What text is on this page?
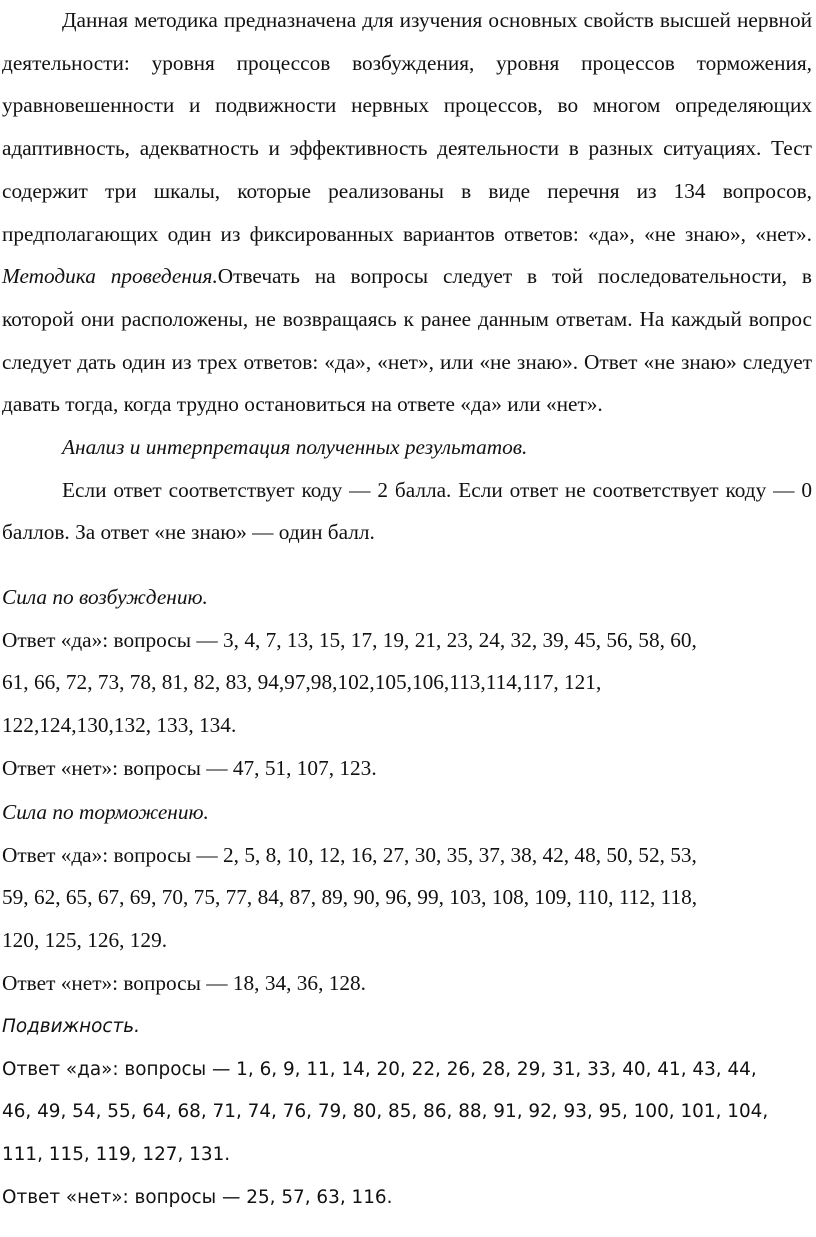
Данная методика предназначена для изучения основных свойств высшей нервной деятельности: уровня процессов возбуждения, уровня процессов торможения, уравновешенности и подвижности нервных процессов, во многом определяющих адаптивность, адекватность и эффективность деятельности в разных ситуациях. Тест содержит три шкалы, которые реализованы в виде перечня из 134 вопросов, предполагающих один из фиксированных вариантов ответов: «да», «не знаю», «нет». Методика проведения.Отвечать на вопросы следует в той последовательности, в которой они расположены, не возвращаясь к ранее данным ответам. На каждый вопрос следует дать один из трех ответов: «да», «нет», или «не знаю». Ответ «не знаю» следует давать тогда, когда трудно остановиться на ответе «да» или «нет».

Анализ и интерпретация полученных результатов.

Если ответ соответствует коду — 2 балла. Если ответ не соответствует коду — 0 баллов. За ответ «не знаю» — один балл.

Сила по возбуждению.

Ответ «да»: вопросы — 3, 4, 7, 13, 15, 17, 19, 21, 23, 24, 32, 39, 45, 56, 58, 60,

61, 66, 72, 73, 78, 81, 82, 83, 94,97,98,102,105,106,113,114,117, 121,

122,124,130,132, 133, 134.

Ответ «нет»: вопросы — 47, 51, 107, 123.

Сила по торможению.

Ответ «да»: вопросы — 2, 5, 8, 10, 12, 16, 27, 30, 35, 37, 38, 42, 48, 50, 52, 53,

59, 62, 65, 67, 69, 70, 75, 77, 84, 87, 89, 90, 96, 99, 103, 108, 109, 110, 112, 118,

120, 125, 126, 129.

Ответ «нет»: вопросы — 18, 34, 36, 128.

Подвижность.

Ответ «да»: вопросы — 1, 6, 9, 11, 14, 20, 22, 26, 28, 29, 31, 33, 40, 41, 43, 44,

46, 49, 54, 55, 64, 68, 71, 74, 76, 79, 80, 85, 86, 88, 91, 92, 93, 95, 100, 101, 104,

111, 115, 119, 127, 131.

Ответ «нет»: вопросы — 25, 57, 63, 116.
